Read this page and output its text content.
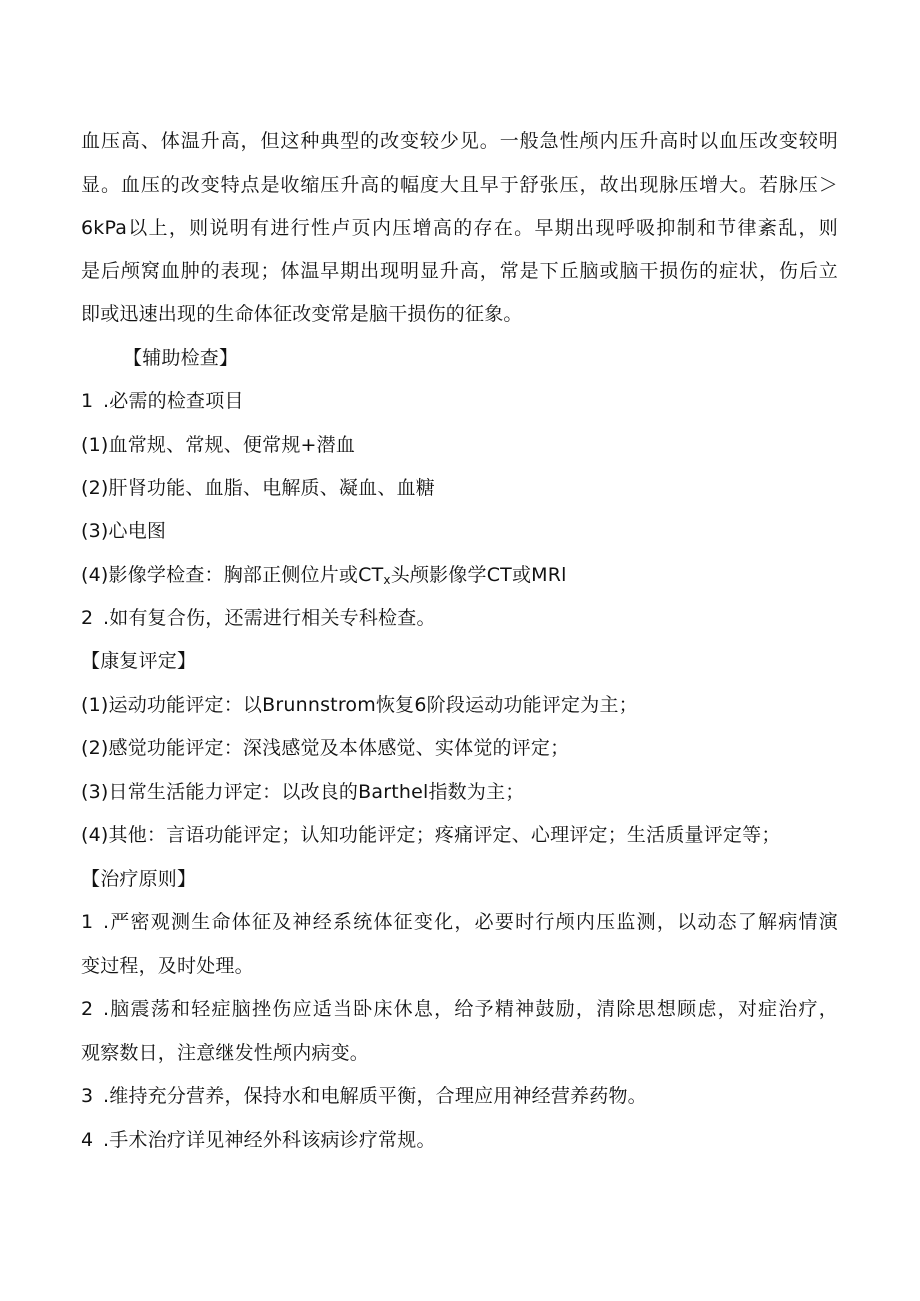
血压高、体温升高，但这种典型的改变较少见。一般急性颅内压升高时以血压改变较明
显。血压的改变特点是收缩压升高的幅度大且早于舒张压，故出现脉压增大。若脉压＞
6kPa以上，则说明有进行性卢页内压增高的存在。早期出现呼吸抑制和节律紊乱，则
是后颅窝血肿的表现；体温早期出现明显升高，常是下丘脑或脑干损伤的症状，伤后立
即或迅速出现的生命体征改变常是脑干损伤的征象。
【辅助检查】
1 .必需的检查项目
(1)血常规、常规、便常规+潜血
(2)肝肾功能、血脂、电解质、凝血、血糖
(3)心电图
(4)影像学检查：胸部正侧位片或$CT_x$头颅影像学CT或MRl
2 .如有复合伤，还需进行相关专科检查。
【康复评定】
(1)运动功能评定：以Brunnstrom恢复6阶段运动功能评定为主；
(2)感觉功能评定：深浅感觉及本体感觉、实体觉的评定；
(3)日常生活能力评定：以改良的Barthel指数为主；
(4)其他：言语功能评定；认知功能评定；疼痛评定、心理评定；生活质量评定等；
【治疗原则】
1 .严密观测生命体征及神经系统体征变化，必要时行颅内压监测，以动态了解病情演
变过程，及时处理。
2 .脑震荡和轻症脑挫伤应适当卧床休息，给予精神鼓励，清除思想顾虑，对症治疗，
观察数日，注意继发性颅内病变。
3 .维持充分营养，保持水和电解质平衡，合理应用神经营养药物。
4 .手术治疗详见神经外科该病诊疗常规。
